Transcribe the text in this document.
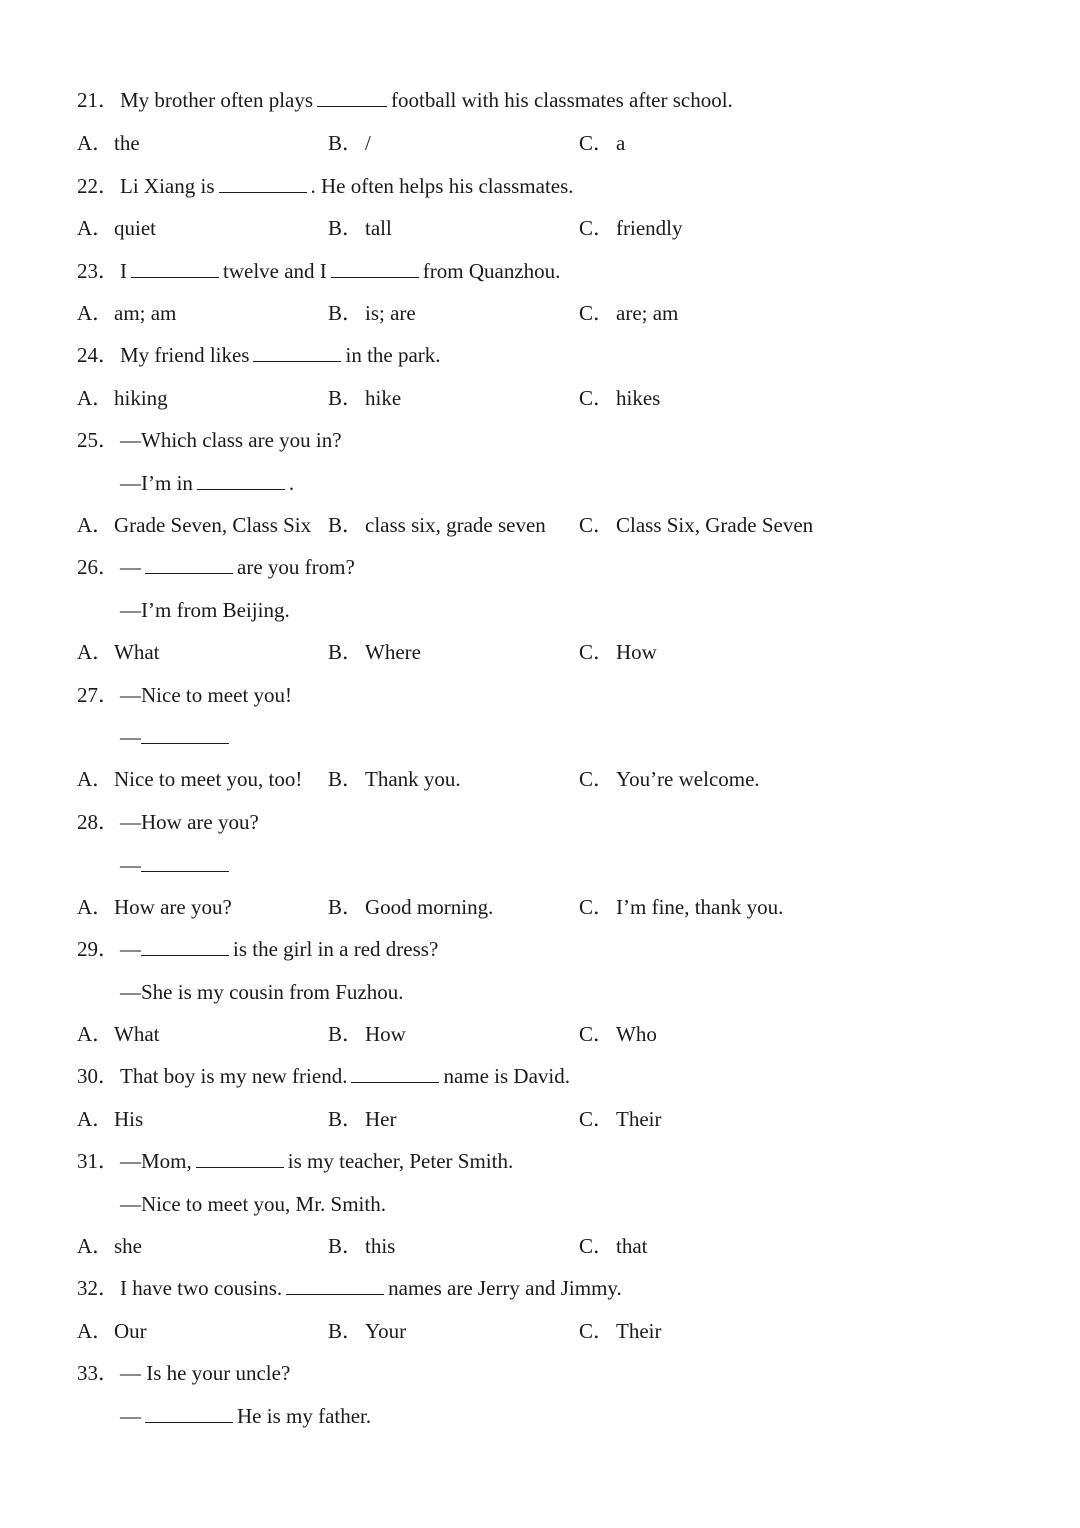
21．My brother often plays	football with his classmates after school.
A．the	B．/	C．a
22．Li Xiang is	. He often helps his classmates.
A．quiet	B．tall	C．friendly
23．I	twelve and I	from Quanzhou.
A．am; am	B．is; are	C．are; am
24．My friend likes	in the park.
A．hiking	B．hike	C．hikes
25．—Which class are you in?
—I’m in	.
A．Grade Seven, Class Six B．class six, grade seven C．Class Six, Grade Seven
26．—	are you from?
—I’m from Beijing.
A．What	B．Where	C．How
27．—Nice to meet you!
—
A．Nice to meet you, too! B．Thank you.	C．You’re welcome.
28．—How are you?
—
A．How are you?	B．Good morning.	C．I’m fine, thank you.
29．—	is the girl in a red dress?
—She is my cousin from Fuzhou.
A．What	B．How	C．Who
30．That boy is my new friend.	name is David.
A．His	B．Her	C．Their
31．—Mom,	is my teacher, Peter Smith.
—Nice to meet you, Mr. Smith.
A．she	B．this	C．that
32．I have two cousins.	names are Jerry and Jimmy.
A．Our	B．Your	C．Their
33．— Is he your uncle?
—	He is my father.
